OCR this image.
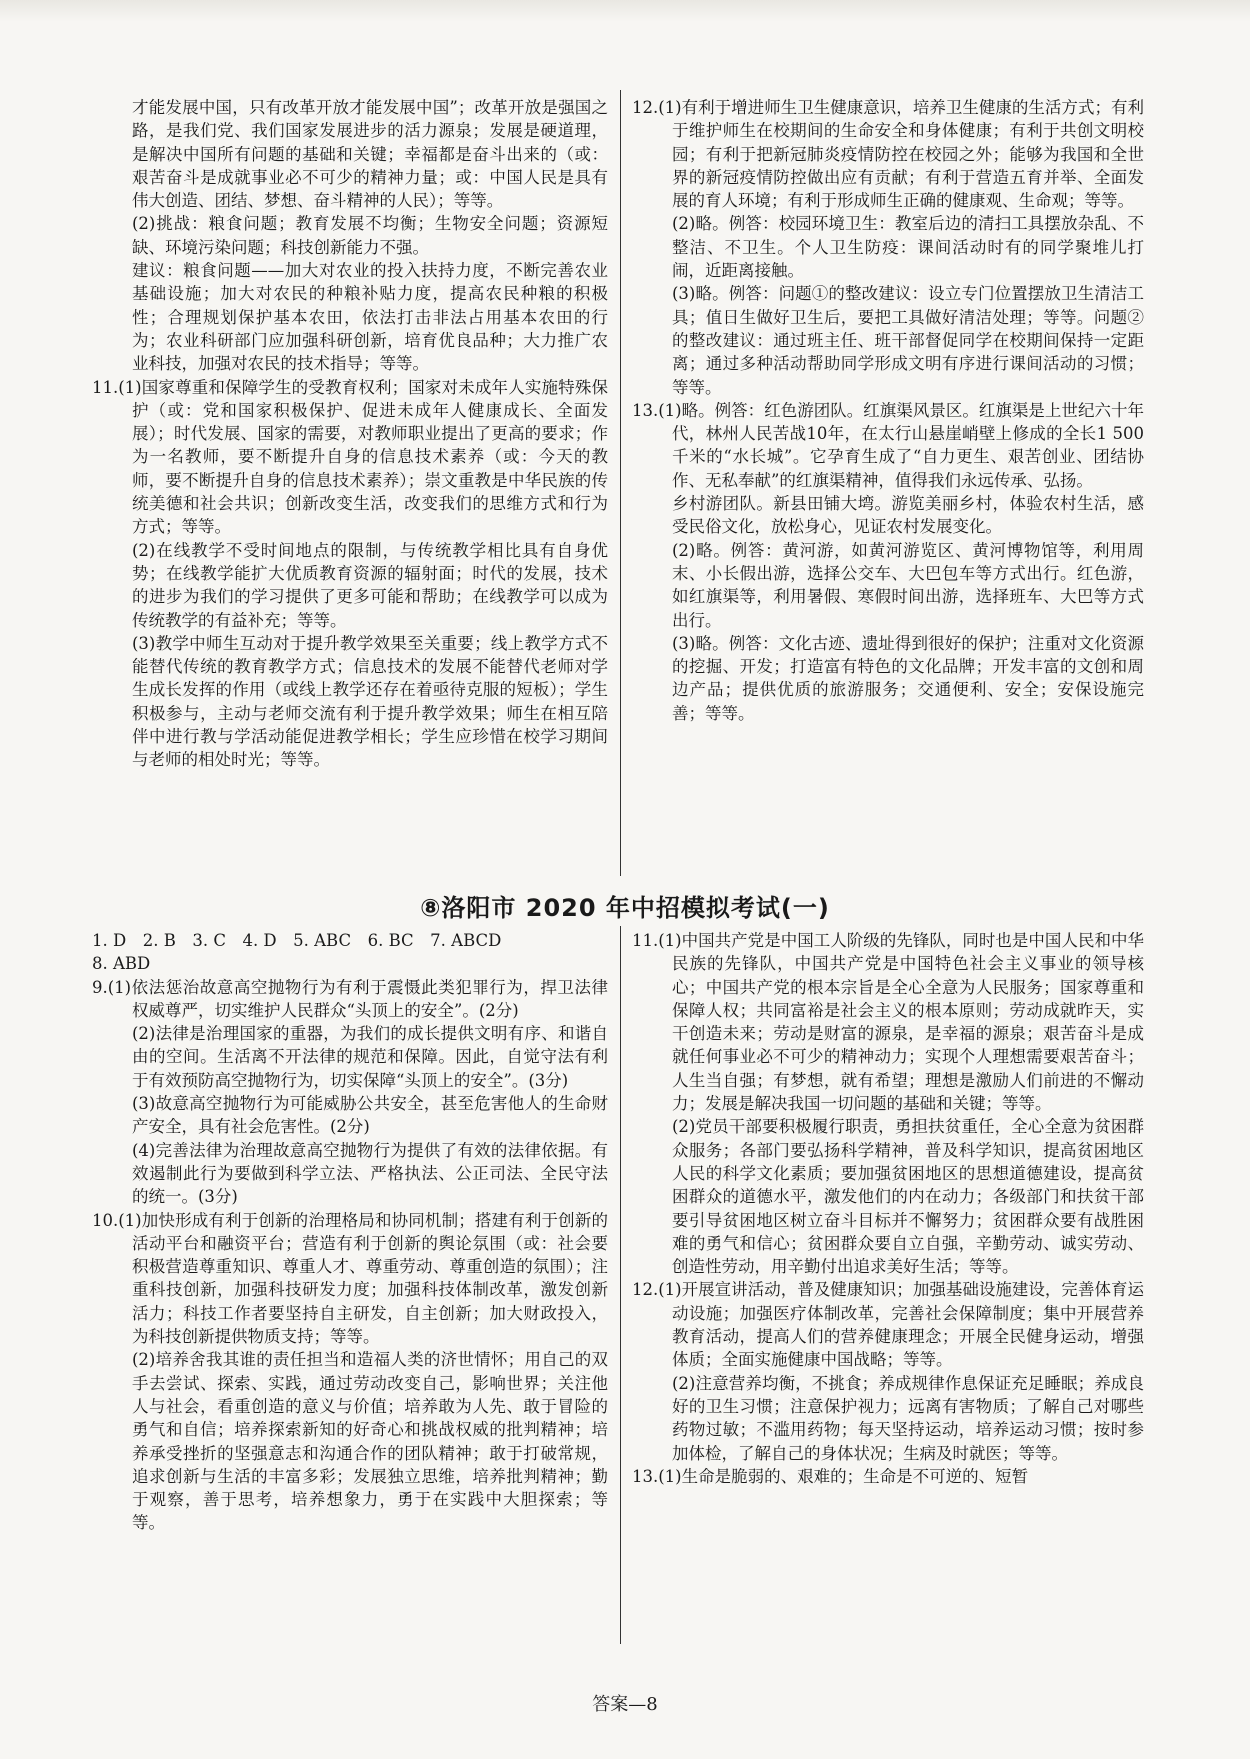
才能发展中国，只有改革开放才能发展中国”；改革开放是强国之路，是我们党、我们国家发展进步的活力源泉；发展是硬道理，是解决中国所有问题的基础和关键；幸福都是奋斗出来的（或：艰苦奋斗是成就事业必不可少的精神力量；或：中国人民是具有伟大创造、团结、梦想、奋斗精神的人民）；等等。

(2)挑战：粮食问题；教育发展不均衡；生物安全问题；资源短缺、环境污染问题；科技创新能力不强。

建议：粮食问题——加大对农业的投入扶持力度，不断完善农业基础设施；加大对农民的种粮补贴力度，提高农民种粮的积极性；合理规划保护基本农田，依法打击非法占用基本农田的行为；农业科研部门应加强科研创新，培育优良品种；大力推广农业科技，加强对农民的技术指导；等等。

11.(1)国家尊重和保障学生的受教育权利；国家对未成年人实施特殊保护（或：党和国家积极保护、促进未成年人健康成长、全面发展）；时代发展、国家的需要，对教师职业提出了更高的要求；作为一名教师，要不断提升自身的信息技术素养（或：今天的教师，要不断提升自身的信息技术素养）；崇文重教是中华民族的传统美德和社会共识；创新改变生活，改变我们的思维方式和行为方式；等等。

(2)在线教学不受时间地点的限制，与传统教学相比具有自身优势；在线教学能扩大优质教育资源的辐射面；时代的发展，技术的进步为我们的学习提供了更多可能和帮助；在线教学可以成为传统教学的有益补充；等等。

(3)教学中师生互动对于提升教学效果至关重要；线上教学方式不能替代传统的教育教学方式；信息技术的发展不能替代老师对学生成长发挥的作用（或线上教学还存在着亟待克服的短板）；学生积极参与，主动与老师交流有利于提升教学效果；师生在相互陪伴中进行教与学活动能促进教学相长；学生应珍惜在校学习期间与老师的相处时光；等等。

12.(1)有利于增进师生卫生健康意识，培养卫生健康的生活方式；有利于维护师生在校期间的生命安全和身体健康；有利于共创文明校园；有利于把新冠肺炎疫情防控在校园之外；能够为我国和全世界的新冠疫情防控做出应有贡献；有利于营造五育并举、全面发展的育人环境；有利于形成师生正确的健康观、生命观；等等。

(2)略。例答：校园环境卫生：教室后边的清扫工具摆放杂乱、不整洁、不卫生。个人卫生防疫：课间活动时有的同学聚堆儿打闹，近距离接触。

(3)略。例答：问题①的整改建议：设立专门位置摆放卫生清洁工具；值日生做好卫生后，要把工具做好清洁处理；等等。问题②的整改建议：通过班主任、班干部督促同学在校期间保持一定距离；通过多种活动帮助同学形成文明有序进行课间活动的习惯；等等。

13.(1)略。例答：红色游团队。红旗渠风景区。红旗渠是上世纪六十年代，林州人民苦战10年，在太行山悬崖峭壁上修成的全长1 500千米的“水长城”。它孕育生成了“自力更生、艰苦创业、团结协作、无私奉献”的红旗渠精神，值得我们永远传承、弘扬。

乡村游团队。新县田铺大塆。游览美丽乡村，体验农村生活，感受民俗文化，放松身心，见证农村发展变化。

(2)略。例答：黄河游，如黄河游览区、黄河博物馆等，利用周末、小长假出游，选择公交车、大巴包车等方式出行。红色游，如红旗渠等，利用暑假、寒假时间出游，选择班车、大巴等方式出行。

(3)略。例答：文化古迹、遗址得到很好的保护；注重对文化资源的挖掘、开发；打造富有特色的文化品牌；开发丰富的文创和周边产品；提供优质的旅游服务；交通便利、安全；安保设施完善；等等。

⑧洛阳市 2020 年中招模拟考试(一)

1. D　2. B　3. C　4. D　5. ABC　6. BC　7. ABCD

8. ABD

9.(1)依法惩治故意高空抛物行为有利于震慑此类犯罪行为，捍卫法律权威尊严，切实维护人民群众“头顶上的安全”。(2分)

(2)法律是治理国家的重器，为我们的成长提供文明有序、和谐自由的空间。生活离不开法律的规范和保障。因此，自觉守法有利于有效预防高空抛物行为，切实保障“头顶上的安全”。(3分)

(3)故意高空抛物行为可能威胁公共安全，甚至危害他人的生命财产安全，具有社会危害性。(2分)

(4)完善法律为治理故意高空抛物行为提供了有效的法律依据。有效遏制此行为要做到科学立法、严格执法、公正司法、全民守法的统一。(3分)

10.(1)加快形成有利于创新的治理格局和协同机制；搭建有利于创新的活动平台和融资平台；营造有利于创新的舆论氛围（或：社会要积极营造尊重知识、尊重人才、尊重劳动、尊重创造的氛围）；注重科技创新，加强科技研发力度；加强科技体制改革，激发创新活力；科技工作者要坚持自主研发，自主创新；加大财政投入，为科技创新提供物质支持；等等。

(2)培养舍我其谁的责任担当和造福人类的济世情怀；用自己的双手去尝试、探索、实践，通过劳动改变自己，影响世界；关注他人与社会，看重创造的意义与价值；培养敢为人先、敢于冒险的勇气和自信；培养探索新知的好奇心和挑战权威的批判精神；培养承受挫折的坚强意志和沟通合作的团队精神；敢于打破常规，追求创新与生活的丰富多彩；发展独立思维，培养批判精神；勤于观察，善于思考，培养想象力，勇于在实践中大胆探索；等等。

11.(1)中国共产党是中国工人阶级的先锋队，同时也是中国人民和中华民族的先锋队，中国共产党是中国特色社会主义事业的领导核心；中国共产党的根本宗旨是全心全意为人民服务；国家尊重和保障人权；共同富裕是社会主义的根本原则；劳动成就昨天，实干创造未来；劳动是财富的源泉，是幸福的源泉；艰苦奋斗是成就任何事业必不可少的精神动力；实现个人理想需要艰苦奋斗；人生当自强；有梦想，就有希望；理想是激励人们前进的不懈动力；发展是解决我国一切问题的基础和关键；等等。

(2)党员干部要积极履行职责，勇担扶贫重任，全心全意为贫困群众服务；各部门要弘扬科学精神，普及科学知识，提高贫困地区人民的科学文化素质；要加强贫困地区的思想道德建设，提高贫困群众的道德水平，激发他们的内在动力；各级部门和扶贫干部要引导贫困地区树立奋斗目标并不懈努力；贫困群众要有战胜困难的勇气和信心；贫困群众要自立自强，辛勤劳动、诚实劳动、创造性劳动，用辛勤付出追求美好生活；等等。

12.(1)开展宣讲活动，普及健康知识；加强基础设施建设，完善体育运动设施；加强医疗体制改革，完善社会保障制度；集中开展营养教育活动，提高人们的营养健康理念；开展全民健身运动，增强体质；全面实施健康中国战略；等等。

(2)注意营养均衡，不挑食；养成规律作息保证充足睡眠；养成良好的卫生习惯；注意保护视力；远离有害物质；了解自己对哪些药物过敏；不滥用药物；每天坚持运动，培养运动习惯；按时参加体检，了解自己的身体状况；生病及时就医；等等。

13.(1)生命是脆弱的、艰难的；生命是不可逆的、短暂

答案—8
